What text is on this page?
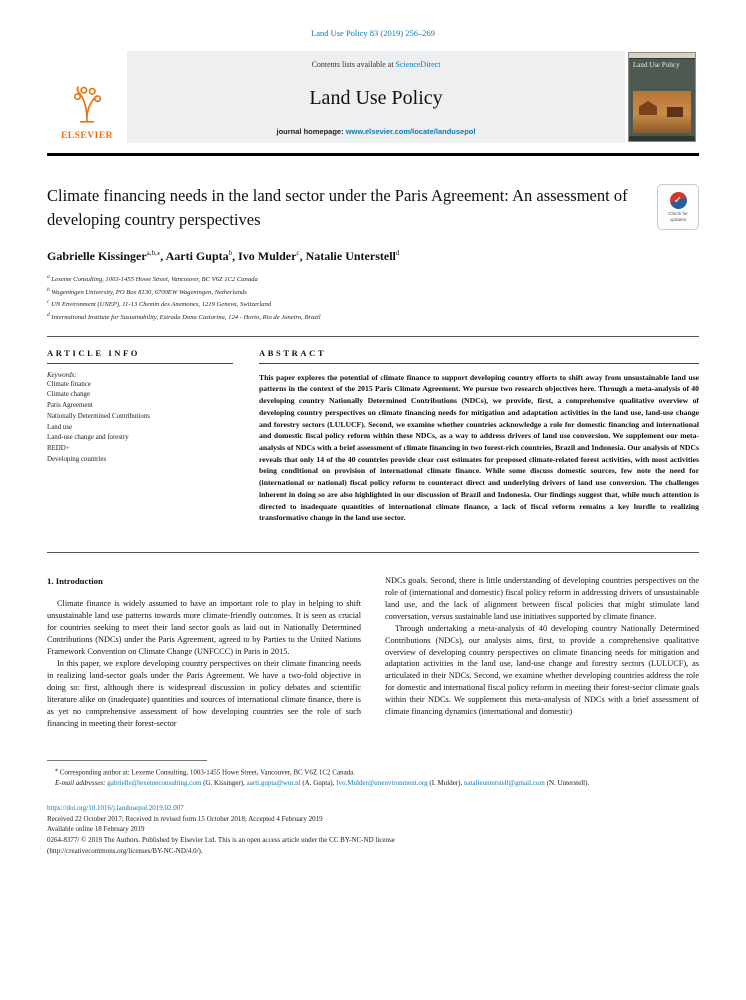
Land Use Policy 83 (2019) 256–269
ELSEVIER
Contents lists available at ScienceDirect
Land Use Policy
journal homepage: www.elsevier.com/locate/landusepol
Land Use Policy
Climate financing needs in the land sector under the Paris Agreement: An assessment of developing country perspectives
✓	Check for
updates
Gabrielle Kissinger$^{a,b,⁎}$, Aarti Gupta$^b$, Ivo Mulder$^c$, Natalie Unterstell$^d$
$^a$ Lexeme Consulting, 1003-1455 Howe Street, Vancouver, BC V6Z 1C2 Canada
$^b$ Wageningen University, PO Box 8130, 6700EW Wageningen, Netherlands
$^c$ UN Environment (UNEP), 11-13 Chemin des Anemones, 1219 Geneva, Switzerland
$^d$ International Institute for Sustainability, Estrada Dona Castorina, 124 - Horto, Rio de Janeiro, Brazil
ARTICLE INFO
Keywords:
Climate finance
Climate change
Paris Agreement
Nationally Determined Contributions
Land use
Land-use change and forestry
REDD+
Developing countries
ABSTRACT
This paper explores the potential of climate finance to support developing country efforts to shift away from unsustainable land use patterns in the context of the 2015 Paris Climate Agreement. We pursue two research objectives here. Through a meta-analysis of 40 developing country Nationally Determined Contributions (NDCs), we provide, first, a comprehensive qualitative overview of developing country perspectives on climate financing needs for mitigation and adaptation activities in the land use, land-use change and forestry sectors (LULUCF). Second, we examine whether countries acknowledge a role for domestic financing and international and domestic fiscal policy reform within these NDCs, as a way to address drivers of land use conversion. We supplement our meta-analysis of NDCs with a brief assessment of climate financing in two forest-rich countries, Brazil and Indonesia. Our analysis of NDCs reveals that only 14 of the 40 countries provide clear cost estimates for proposed climate-related forest activities, with most activities being conditional on provision of international climate finance. While some discuss domestic sources, few note the need for (international or national) fiscal policy reform to counteract direct and underlying drivers of land use conversion. The challenges inherent in doing so are also highlighted in our discussion of Brazil and Indonesia. Our findings suggest that, while much attention is directed to inadequate quantities of international climate finance, a lack of fiscal reform remains a key hurdle to realizing transformative change in the land use sector.
1. Introduction

Climate finance is widely assumed to have an important role to play in helping to shift unsustainable land use patterns towards more climate-friendly outcomes. It is seen as crucial for countries seeking to meet their land sector goals as laid out in Nationally Determined Contributions (NDCs) under the Paris Agreement, agreed to by Parties to the United Nations Framework Convention on Climate Change (UNFCCC) in Paris in 2015.

In this paper, we explore developing country perspectives on their climate financing needs in realizing land-sector goals under the Paris Agreement. We have a two-fold objective in doing so: first, although there is widespread discussion in policy debates and scientific literature alike on (inadequate) quantities and sources of international climate finance, there is as yet no comprehensive assessment of how developing countries see the role of such financing in meeting their forest-sector

NDCs goals. Second, there is little understanding of developing countries perspectives on the role of (international and domestic) fiscal policy reform in addressing drivers of unsustainable land use, and the lack of alignment between fiscal policies that might stimulate land conversation, versus sustainable land use initiatives supported by climate finance.

Through undertaking a meta-analysis of 40 developing country Nationally Determined Contributions (NDCs), our analysis aims, first, to provide a comprehensive qualitative overview of developing country perspectives on climate financing needs for mitigation and adaptation activities in the land use, land-use change and forestry sectors (LULUCF), as articulated in their NDCs. Second, we examine whether developing countries address the role for domestic and international fiscal policy reform in meeting their forest-sector climate goals within their NDCs. We supplement this meta-analysis of NDCs with a brief assessment of climate financing dynamics (international and domestic)

⁎ Corresponding author at: Lexeme Consulting, 1003-1455 Howe Street, Vancouver, BC V6Z 1C2 Canada.
E-mail addresses: gabrielle@lexemeconsulting.com (G. Kissinger), aarti.gupta@wur.nl (A. Gupta), Ivo.Mulder@unenvironment.org (I. Mulder), natalieunterstell@gmail.com (N. Unterstell).
https://doi.org/10.1016/j.landusepol.2019.02.007
Received 22 October 2017; Received in revised form 15 October 2018; Accepted 4 February 2019
Available online 18 February 2019
0264-8377/ © 2019 The Authors. Published by Elsevier Ltd. This is an open access article under the CC BY-NC-ND license
(http://creativecommons.org/licenses/BY-NC-ND/4.0/).
